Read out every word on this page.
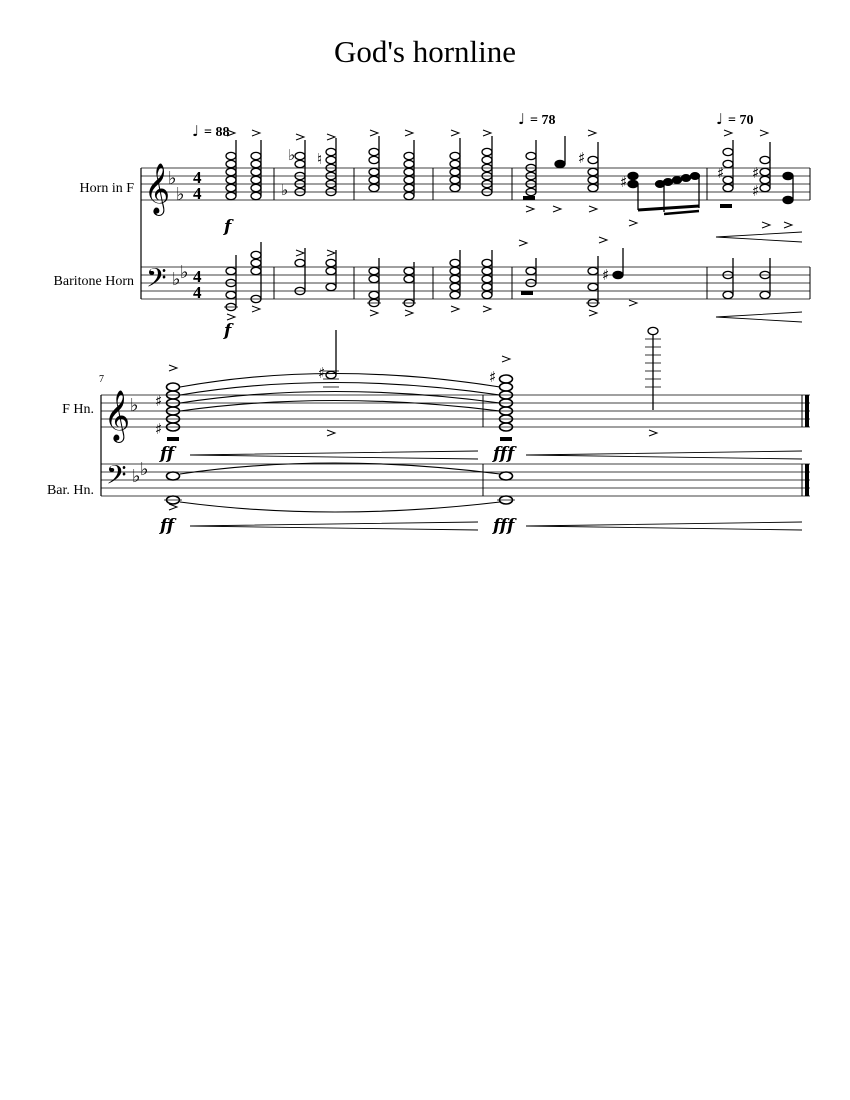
God's hornline
Horn in F
Baritone Horn
𝄞
𝄢
♭
♭
♭ ♭
4
4
4
4
♩ = 88
♩ = 78	♩ = 70
♭
♭
♮	♯
♯	♯ ♯
♯
f
f
♯
7
F Hn.
Bar. Hn.
𝄞
𝄢
♭
♭ ♭
♯
♯
♯	♯
ff	fff
ff	fff
